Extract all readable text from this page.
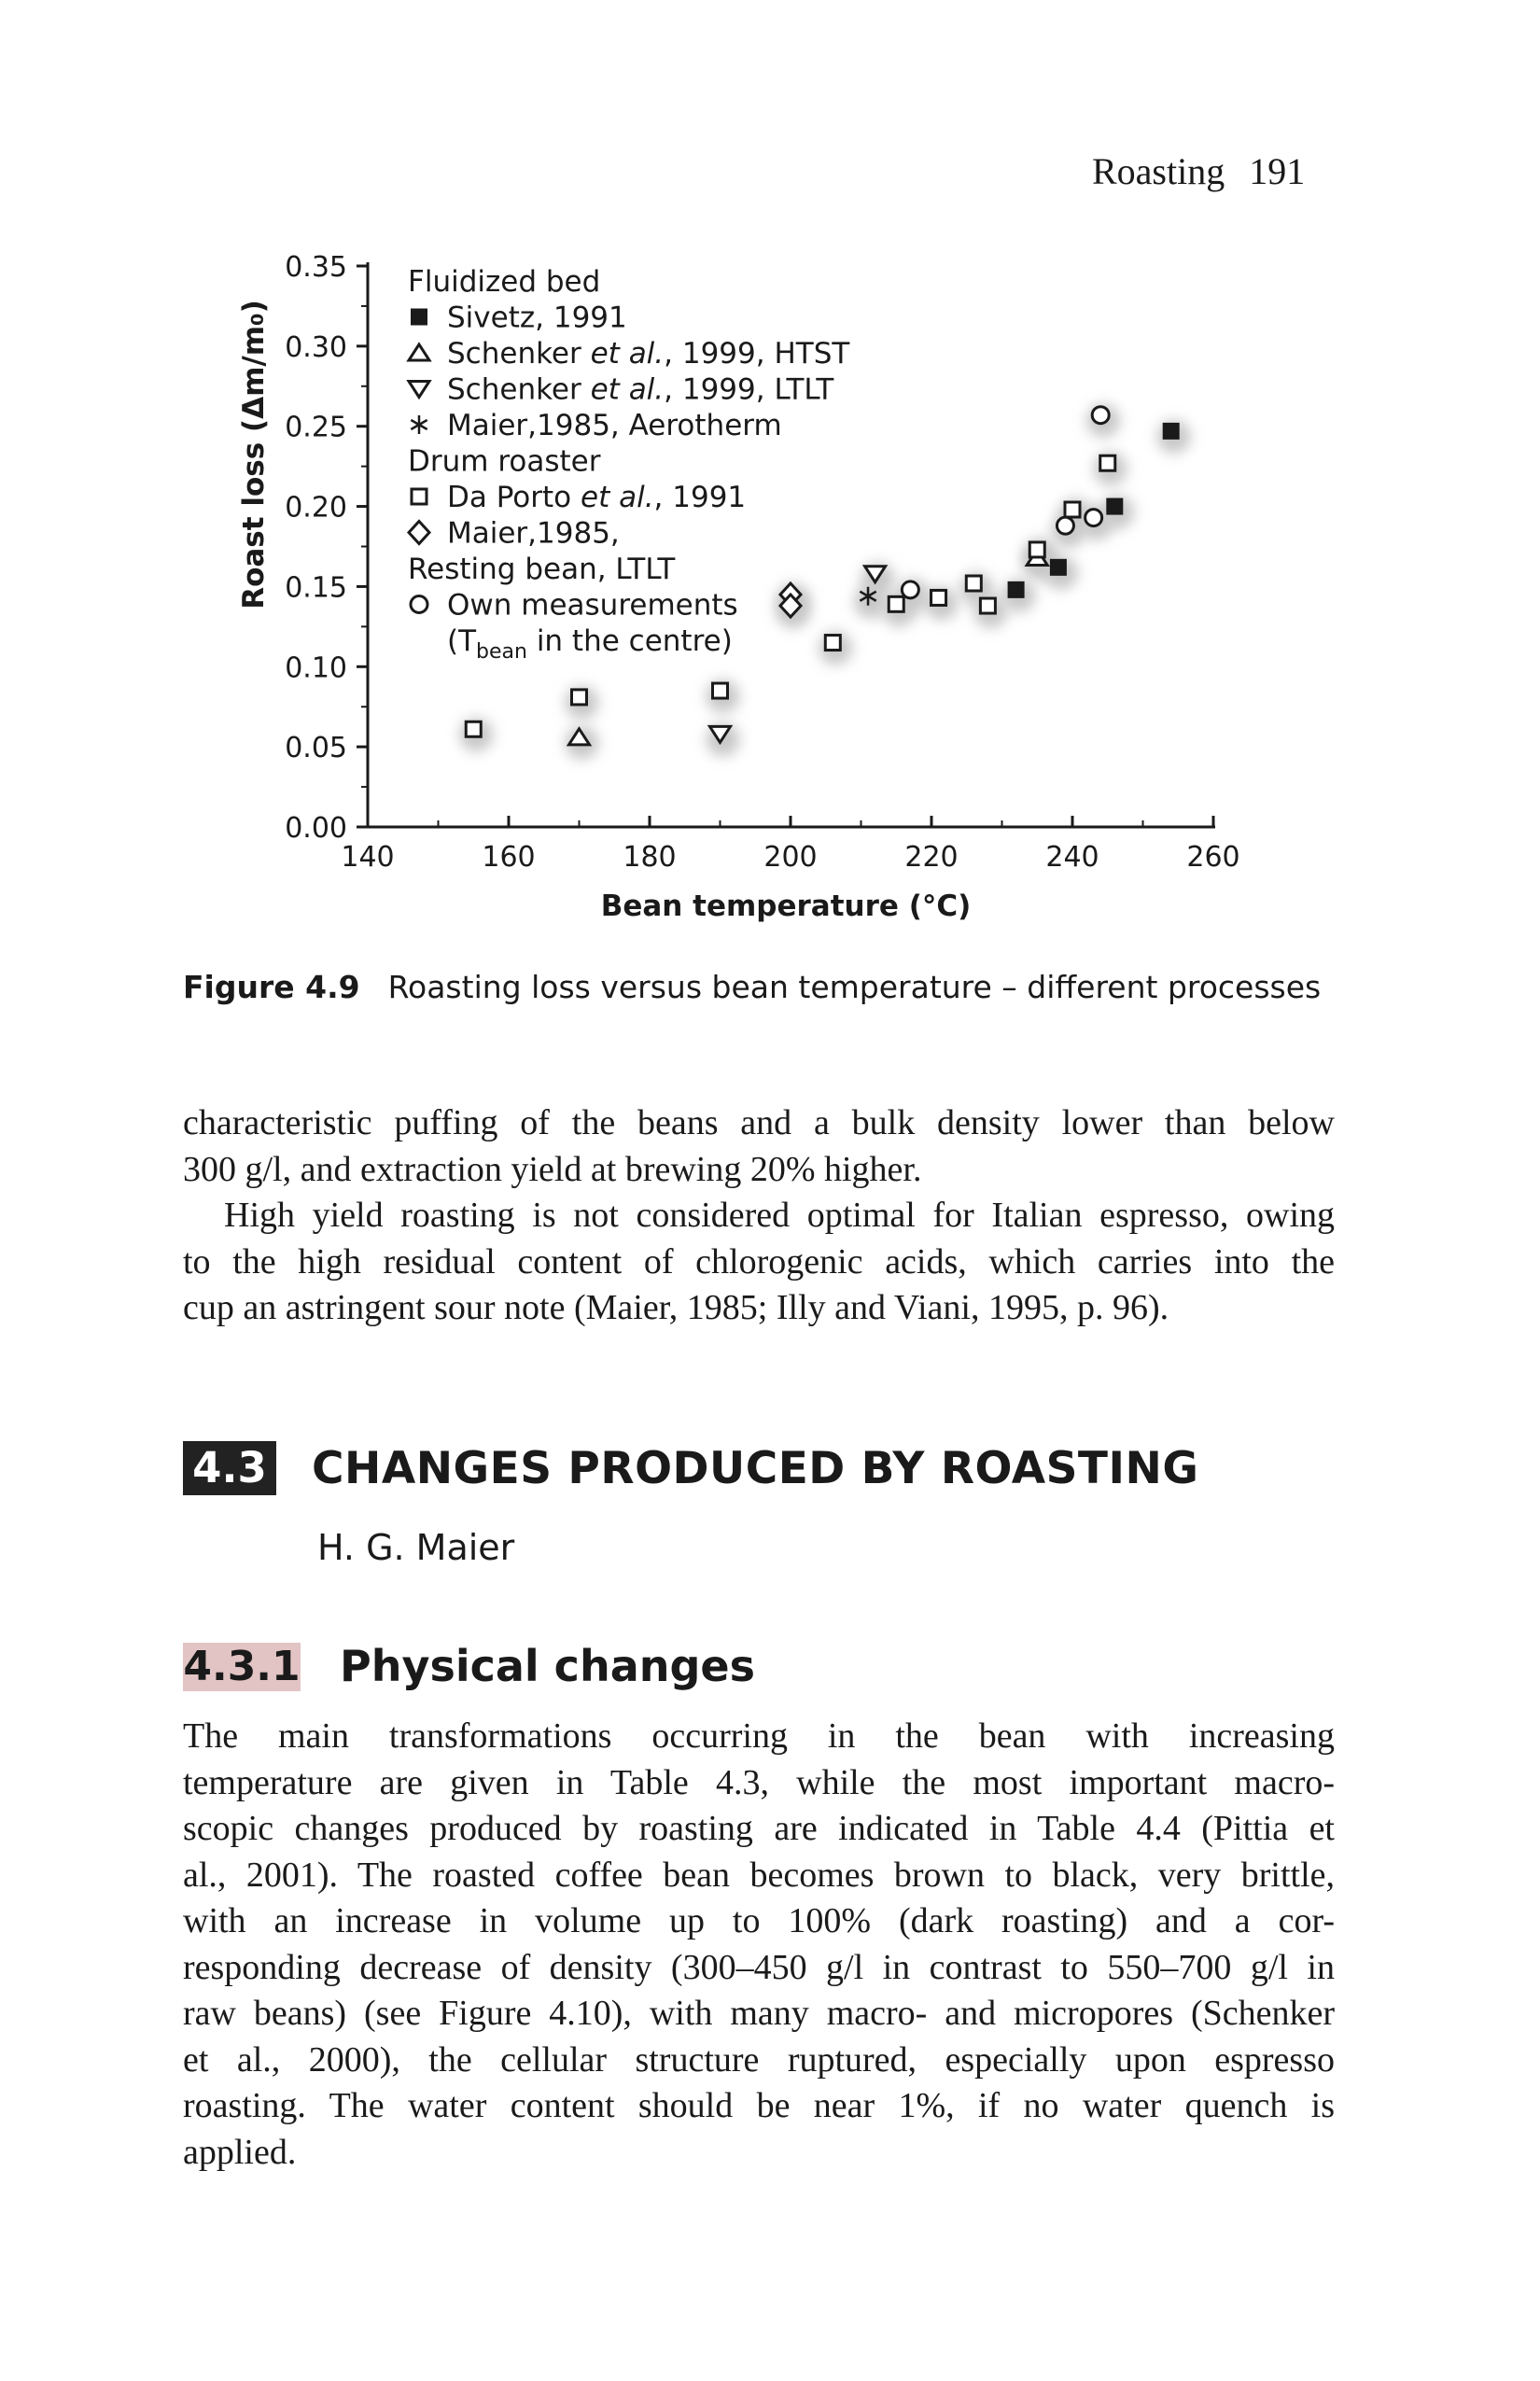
Roasting 191
0.00
0.05
0.10
0.15
0.20
0.25
0.30
0.35
140	160	180	200	220	240	260
Roast loss (Δm/m₀)
Bean temperature (°C)
Fluidized bed
Sivetz, 1991
Schenker et al., 1999, HTST
Schenker et al., 1999, LTLT
Maier,1985, Aerotherm
Drum roaster
Da Porto et al., 1991
Maier,1985,
Resting bean, LTLT
Own measurements
($T_{bean}$ in the centre)
Figure 4.9 Roasting loss versus bean temperature – different processes
characteristic puffing of the beans and a bulk density lower than below
300 g/l, and extraction yield at brewing 20% higher.
High yield roasting is not considered optimal for Italian espresso, owing
to the high residual content of chlorogenic acids, which carries into the
cup an astringent sour note (Maier, 1985; Illy and Viani, 1995, p. 96).
4.3 CHANGES PRODUCED BY ROASTING
H. G. Maier
4.3.1 Physical changes
The main transformations occurring in the bean with increasing
temperature are given in Table 4.3, while the most important macro-
scopic changes produced by roasting are indicated in Table 4.4 (Pittia et
al., 2001). The roasted coffee bean becomes brown to black, very brittle,
with an increase in volume up to 100% (dark roasting) and a cor-
responding decrease of density (300–450 g/l in contrast to 550–700 g/l in
raw beans) (see Figure 4.10), with many macro- and micropores (Schenker
et al., 2000), the cellular structure ruptured, especially upon espresso
roasting. The water content should be near 1%, if no water quench is
applied.
